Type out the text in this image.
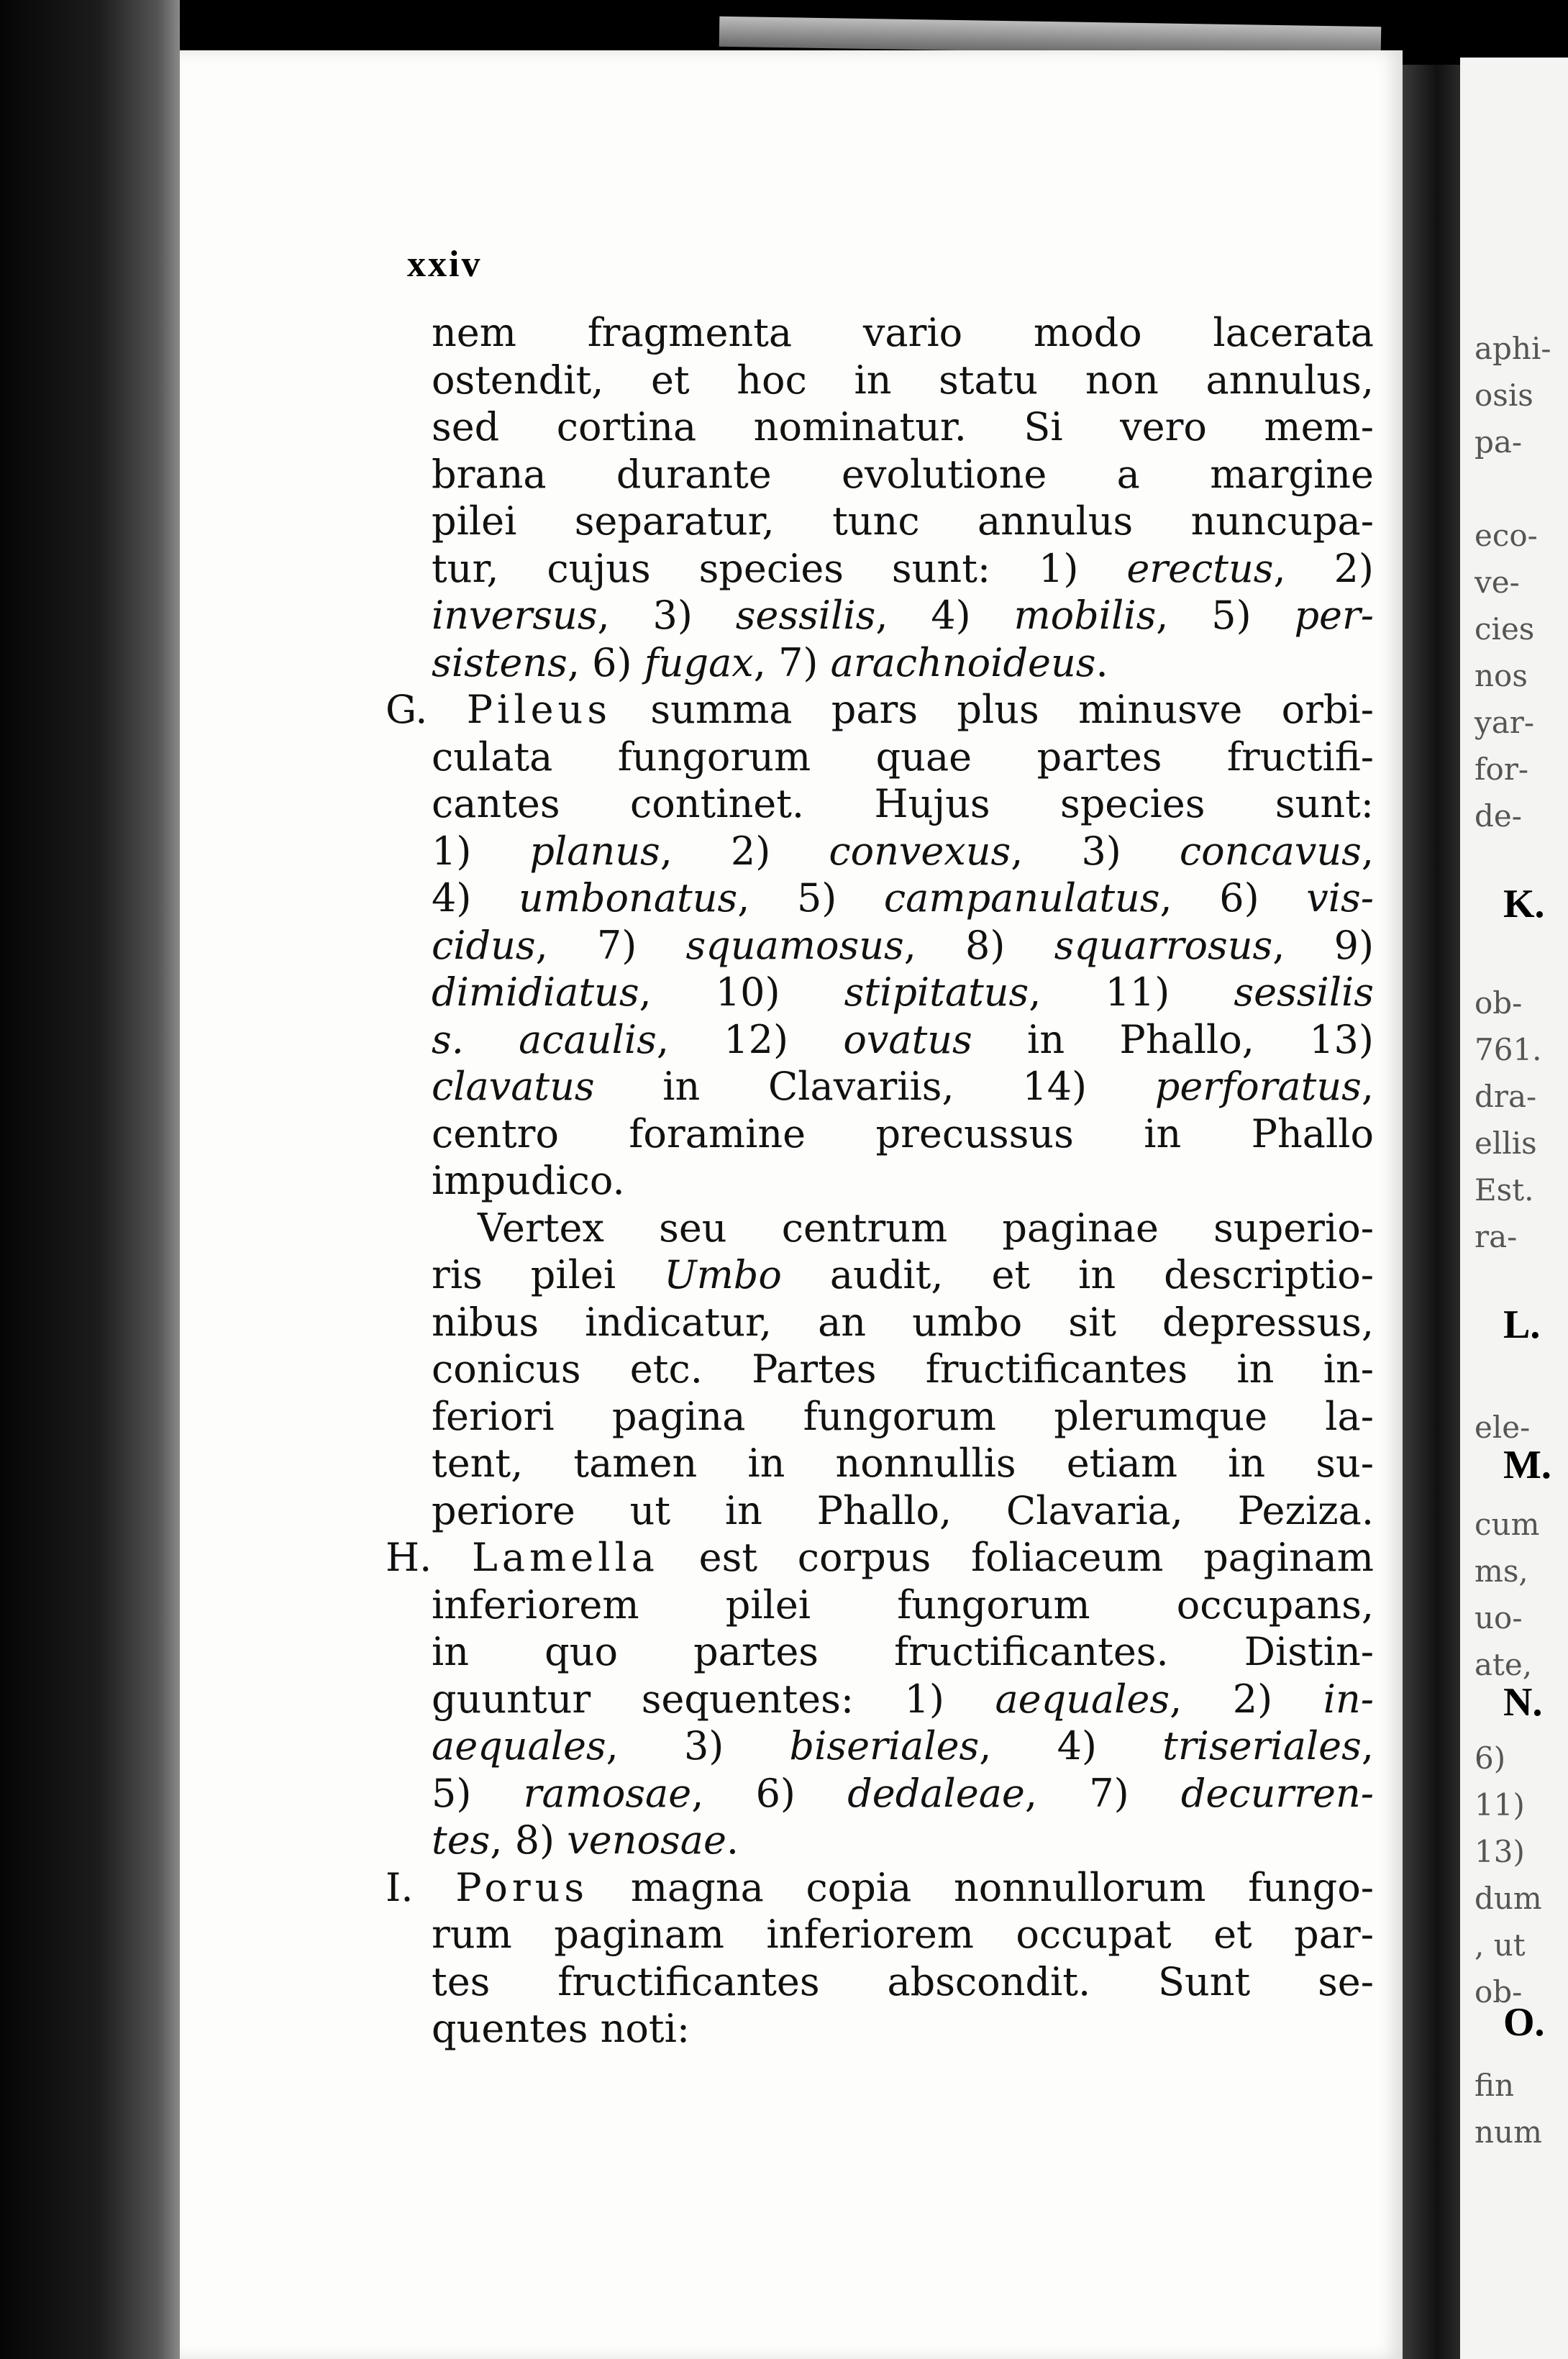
aphi-
osis
pa-
eco-
ve-
cies
nos
yar-
for-
de-
K.
ob-
761.
dra-
ellis
Est.
ra-
L.
ele-
M.
cum
ms,
uo-
ate,
N.
6)
11)
13)
dum
, ut
ob-
O.
fin
num
xxiv
nem fragmenta vario modo lacerata
ostendit, et hoc in statu non annulus,
sed cortina nominatur. Si vero mem-
brana durante evolutione a margine
pilei separatur, tunc annulus nuncupa-
tur, cujus species sunt: 1) erectus, 2)
inversus, 3) sessilis, 4) mobilis, 5) per-
sistens, 6) fugax, 7) arachnoideus.
G. Pileus summa pars plus minusve orbi-
culata fungorum quae partes fructifi-
cantes continet. Hujus species sunt:
1) planus, 2) convexus, 3) concavus,
4) umbonatus, 5) campanulatus, 6) vis-
cidus, 7) squamosus, 8) squarrosus, 9)
dimidiatus, 10) stipitatus, 11) sessilis
s. acaulis, 12) ovatus in Phallo, 13)
clavatus in Clavariis, 14) perforatus,
centro foramine precussus in Phallo
impudico.
Vertex seu centrum paginae superio-
ris pilei Umbo audit, et in descriptio-
nibus indicatur, an umbo sit depressus,
conicus etc. Partes fructificantes in in-
feriori pagina fungorum plerumque la-
tent, tamen in nonnullis etiam in su-
periore ut in Phallo, Clavaria, Peziza.
H. Lamella est corpus foliaceum paginam
inferiorem pilei fungorum occupans,
in quo partes fructificantes. Distin-
guuntur sequentes: 1) aequales, 2) in-
aequales, 3) biseriales, 4) triseriales,
5) ramosae, 6) dedaleae, 7) decurren-
tes, 8) venosae.
I. Porus magna copia nonnullorum fungo-
rum paginam inferiorem occupat et par-
tes fructificantes abscondit. Sunt se-
quentes noti:
